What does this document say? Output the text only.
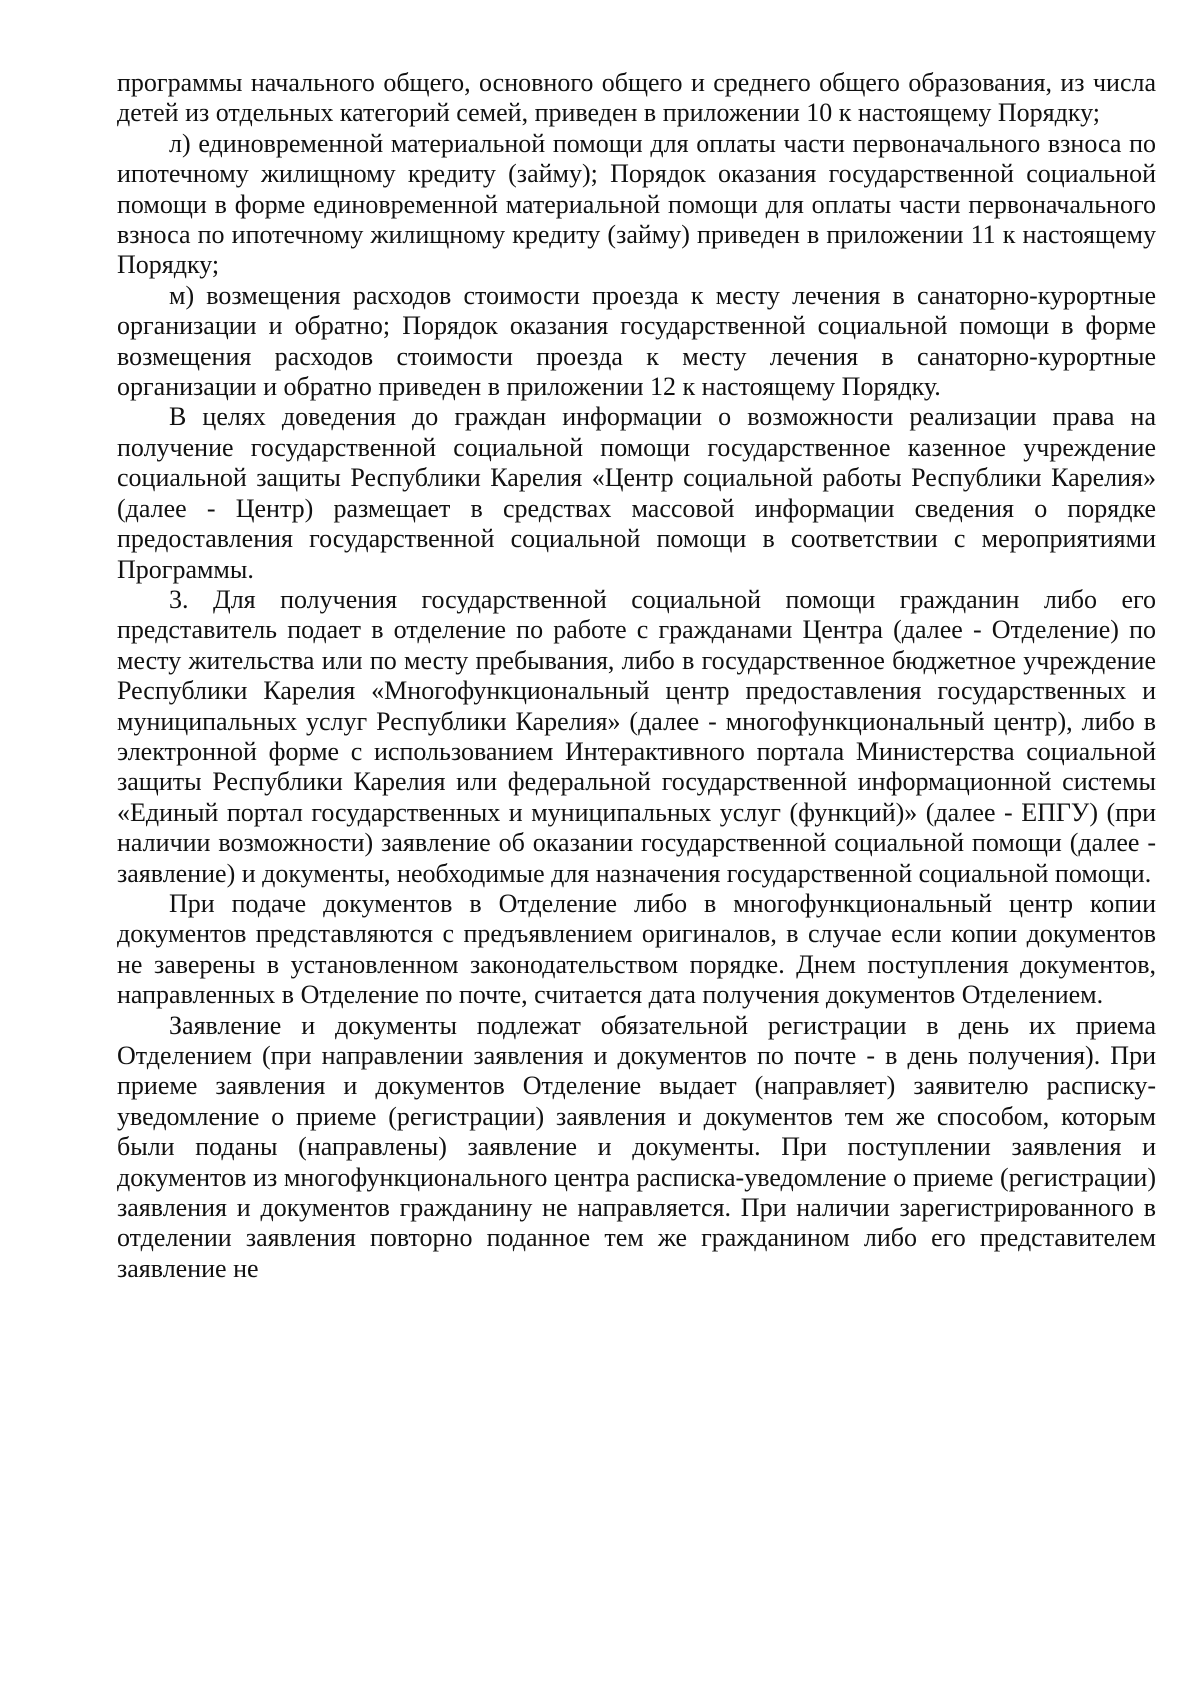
программы начального общего, основного общего и среднего общего образования, из числа детей из отдельных категорий семей, приведен в приложении 10 к настоящему Порядку;

л) единовременной материальной помощи для оплаты части первоначального взноса по ипотечному жилищному кредиту (займу); Порядок оказания государственной социальной помощи в форме единовременной материальной помощи для оплаты части первоначального взноса по ипотечному жилищному кредиту (займу) приведен в приложении 11 к настоящему Порядку;

м) возмещения расходов стоимости проезда к месту лечения в санаторно-курортные организации и обратно; Порядок оказания государственной социальной помощи в форме возмещения расходов стоимости проезда к месту лечения в санаторно-курортные организации и обратно приведен в приложении 12 к настоящему Порядку.

В целях доведения до граждан информации о возможности реализации права на получение государственной социальной помощи государственное казенное учреждение социальной защиты Республики Карелия «Центр социальной работы Республики Карелия» (далее - Центр) размещает в средствах массовой информации сведения о порядке предоставления государственной социальной помощи в соответствии с мероприятиями Программы.

3. Для получения государственной социальной помощи гражданин либо его представитель подает в отделение по работе с гражданами Центра (далее - Отделение) по месту жительства или по месту пребывания, либо в государственное бюджетное учреждение Республики Карелия «Многофункциональный центр предоставления государственных и муниципальных услуг Республики Карелия» (далее - многофункциональный центр), либо в электронной форме с использованием Интерактивного портала Министерства социальной защиты Республики Карелия или федеральной государственной информационной системы «Единый портал государственных и муниципальных услуг (функций)» (далее - ЕПГУ) (при наличии возможности) заявление об оказании государственной социальной помощи (далее - заявление) и документы, необходимые для назначения государственной социальной помощи.

При подаче документов в Отделение либо в многофункциональный центр копии документов представляются с предъявлением оригиналов, в случае если копии документов не заверены в установленном законодательством порядке. Днем поступления документов, направленных в Отделение по почте, считается дата получения документов Отделением.

Заявление и документы подлежат обязательной регистрации в день их приема Отделением (при направлении заявления и документов по почте - в день получения). При приеме заявления и документов Отделение выдает (направляет) заявителю расписку-уведомление о приеме (регистрации) заявления и документов тем же способом, которым были поданы (направлены) заявление и документы. При поступлении заявления и документов из многофункционального центра расписка-уведомление о приеме (регистрации) заявления и документов гражданину не направляется. При наличии зарегистрированного в отделении заявления повторно поданное тем же гражданином либо его представителем заявление не
